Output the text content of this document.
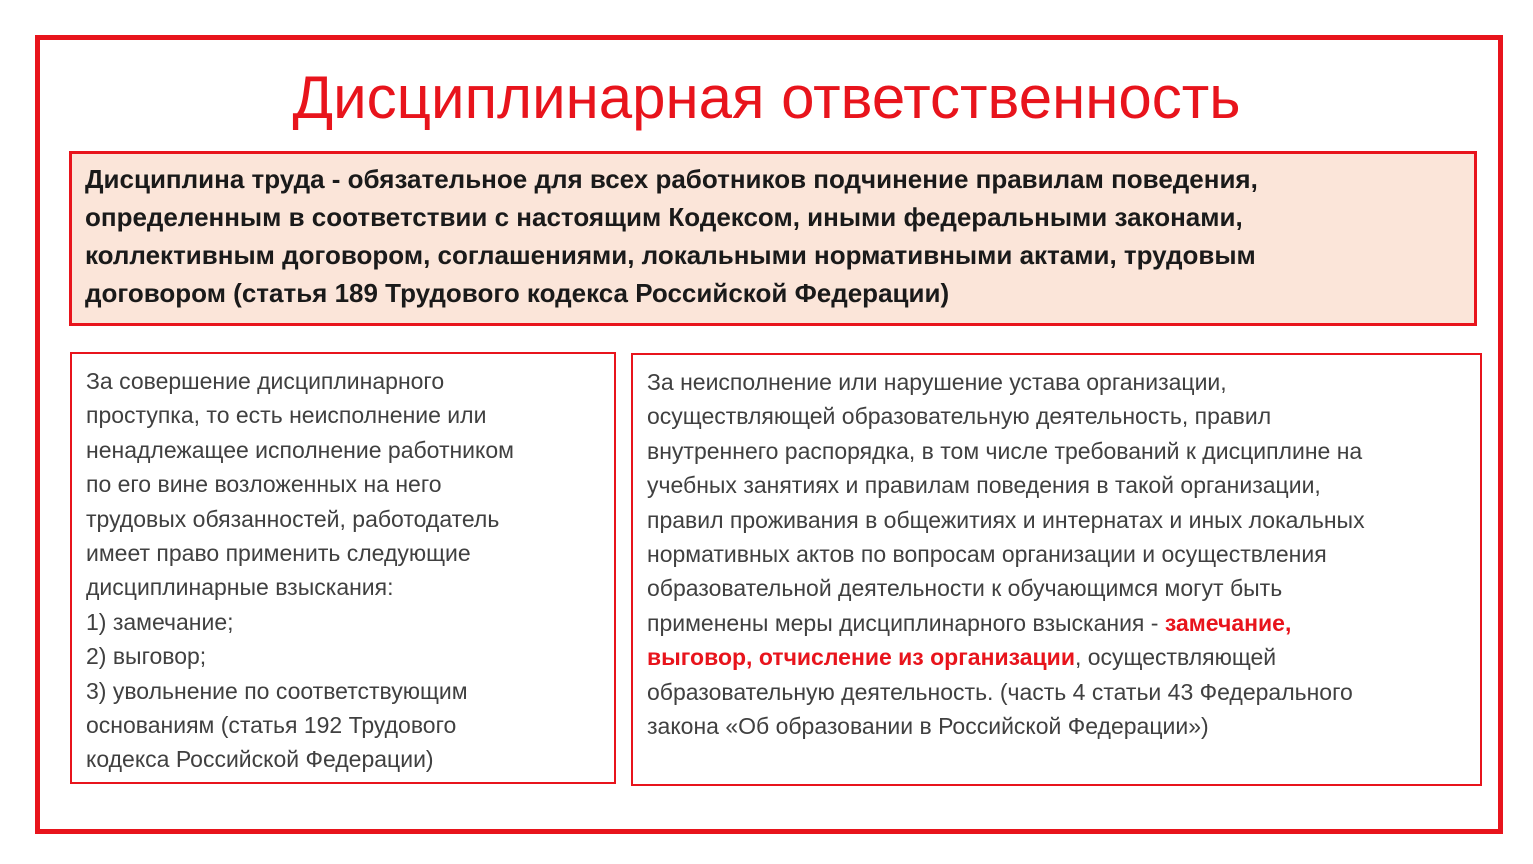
Дисциплинарная ответственность

Дисциплина труда - обязательное для всех работников подчинение правилам поведения,
определенным в соответствии с настоящим Кодексом, иными федеральными законами,
коллективным договором, соглашениями, локальными нормативными актами, трудовым
договором (статья 189 Трудового кодекса Российской Федерации)

За совершение дисциплинарного
проступка, то есть неисполнение или
ненадлежащее исполнение работником
по его вине возложенных на него
трудовых обязанностей, работодатель
имеет право применить следующие
дисциплинарные взыскания:
1) замечание;
2) выговор;
3) увольнение по соответствующим
основаниям (статья 192 Трудового
кодекса Российской Федерации)

За неисполнение или нарушение устава организации,
осуществляющей образовательную деятельность, правил
внутреннего распорядка, в том числе требований к дисциплине на
учебных занятиях и правилам поведения в такой организации,
правил проживания в общежитиях и интернатах и иных локальных
нормативных актов по вопросам организации и осуществления
образовательной деятельности к обучающимся могут быть
применены меры дисциплинарного взыскания - замечание,
выговор, отчисление из организации, осуществляющей
образовательную деятельность. (часть 4 статьи 43 Федерального
закона «Об образовании в Российской Федерации»)
